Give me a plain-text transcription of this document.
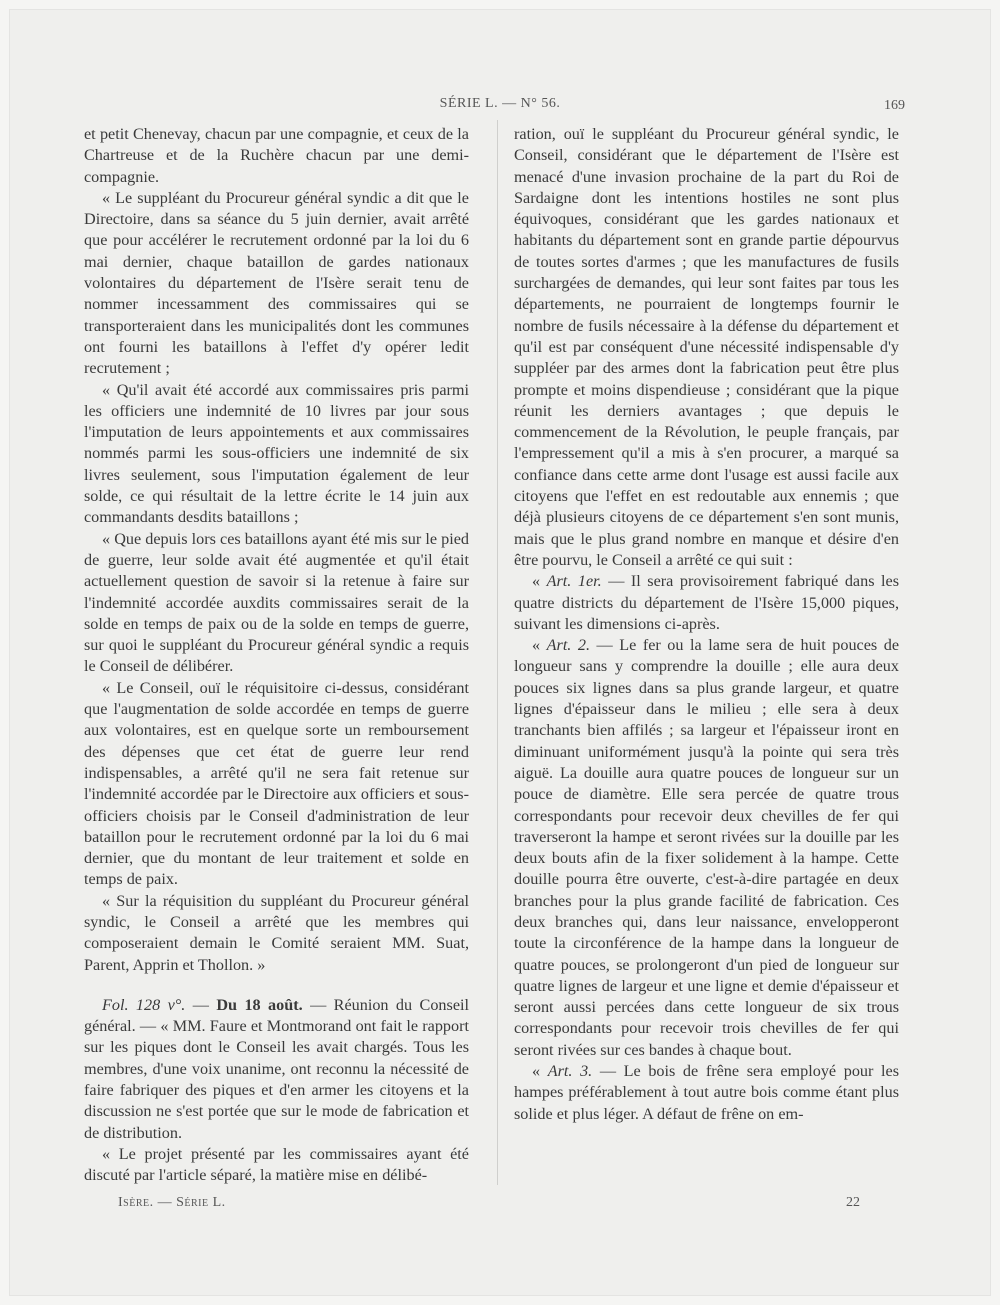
SÉRIE L. — N° 56.	169

et petit Chenevay, chacun par une compagnie, et ceux de la Chartreuse et de la Ruchère chacun par une demi-compagnie.

« Le suppléant du Procureur général syndic a dit que le Directoire, dans sa séance du 5 juin dernier, avait arrêté que pour accélérer le recrutement ordonné par la loi du 6 mai dernier, chaque bataillon de gardes nationaux volontaires du département de l'Isère serait tenu de nommer incessamment des commissaires qui se transporteraient dans les municipalités dont les communes ont fourni les bataillons à l'effet d'y opérer ledit recrutement ;

« Qu'il avait été accordé aux commissaires pris parmi les officiers une indemnité de 10 livres par jour sous l'imputation de leurs appointements et aux commissaires nommés parmi les sous-officiers une indemnité de six livres seulement, sous l'imputation également de leur solde, ce qui résultait de la lettre écrite le 14 juin aux commandants desdits bataillons ;

« Que depuis lors ces bataillons ayant été mis sur le pied de guerre, leur solde avait été augmentée et qu'il était actuellement question de savoir si la retenue à faire sur l'indemnité accordée auxdits commissaires serait de la solde en temps de paix ou de la solde en temps de guerre, sur quoi le suppléant du Procureur général syndic a requis le Conseil de délibérer.

« Le Conseil, ouï le réquisitoire ci-dessus, considérant que l'augmentation de solde accordée en temps de guerre aux volontaires, est en quelque sorte un remboursement des dépenses que cet état de guerre leur rend indispensables, a arrêté qu'il ne sera fait retenue sur l'indemnité accordée par le Directoire aux officiers et sous-officiers choisis par le Conseil d'administration de leur bataillon pour le recrutement ordonné par la loi du 6 mai dernier, que du montant de leur traitement et solde en temps de paix.

« Sur la réquisition du suppléant du Procureur général syndic, le Conseil a arrêté que les membres qui composeraient demain le Comité seraient MM. Suat, Parent, Apprin et Thollon. »

Fol. 128 v°. — Du 18 août. — Réunion du Conseil général. — « MM. Faure et Montmorand ont fait le rapport sur les piques dont le Conseil les avait chargés. Tous les membres, d'une voix unanime, ont reconnu la nécessité de faire fabriquer des piques et d'en armer les citoyens et la discussion ne s'est portée que sur le mode de fabrication et de distribution.

« Le projet présenté par les commissaires ayant été discuté par l'article séparé, la matière mise en délibé-

ration, ouï le suppléant du Procureur général syndic, le Conseil, considérant que le département de l'Isère est menacé d'une invasion prochaine de la part du Roi de Sardaigne dont les intentions hostiles ne sont plus équivoques, considérant que les gardes nationaux et habitants du département sont en grande partie dépourvus de toutes sortes d'armes ; que les manufactures de fusils surchargées de demandes, qui leur sont faites par tous les départements, ne pourraient de longtemps fournir le nombre de fusils nécessaire à la défense du département et qu'il est par conséquent d'une nécessité indispensable d'y suppléer par des armes dont la fabrication peut être plus prompte et moins dispendieuse ; considérant que la pique réunit les derniers avantages ; que depuis le commencement de la Révolution, le peuple français, par l'empressement qu'il a mis à s'en procurer, a marqué sa confiance dans cette arme dont l'usage est aussi facile aux citoyens que l'effet en est redoutable aux ennemis ; que déjà plusieurs citoyens de ce département s'en sont munis, mais que le plus grand nombre en manque et désire d'en être pourvu, le Conseil a arrêté ce qui suit :

« Art. 1er. — Il sera provisoirement fabriqué dans les quatre districts du département de l'Isère 15,000 piques, suivant les dimensions ci-après.

« Art. 2. — Le fer ou la lame sera de huit pouces de longueur sans y comprendre la douille ; elle aura deux pouces six lignes dans sa plus grande largeur, et quatre lignes d'épaisseur dans le milieu ; elle sera à deux tranchants bien affilés ; sa largeur et l'épaisseur iront en diminuant uniformément jusqu'à la pointe qui sera très aiguë. La douille aura quatre pouces de longueur sur un pouce de diamètre. Elle sera percée de quatre trous correspondants pour recevoir deux chevilles de fer qui traverseront la hampe et seront rivées sur la douille par les deux bouts afin de la fixer solidement à la hampe. Cette douille pourra être ouverte, c'est-à-dire partagée en deux branches pour la plus grande facilité de fabrication. Ces deux branches qui, dans leur naissance, envelopperont toute la circonférence de la hampe dans la longueur de quatre pouces, se prolongeront d'un pied de longueur sur quatre lignes de largeur et une ligne et demie d'épaisseur et seront aussi percées dans cette longueur de six trous correspondants pour recevoir trois chevilles de fer qui seront rivées sur ces bandes à chaque bout.

« Art. 3. — Le bois de frêne sera employé pour les hampes préférablement à tout autre bois comme étant plus solide et plus léger. A défaut de frêne on em-

Isère. — Série L.	22
